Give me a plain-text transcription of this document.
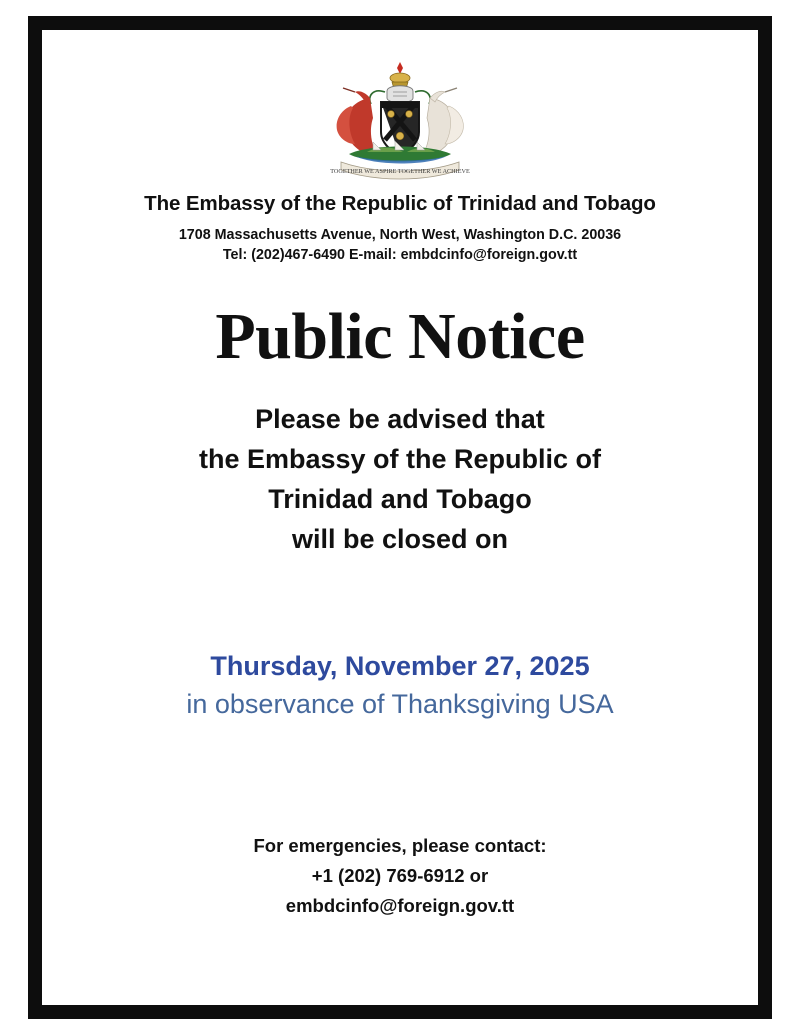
TOGETHER WE ASPIRE TOGETHER WE ACHIEVE
The Embassy of the Republic of Trinidad and Tobago
1708 Massachusetts Avenue, North West, Washington D.C. 20036
Tel: (202)467-6490 E-mail: embdcinfo@foreign.gov.tt
Public Notice
Please be advised that
the Embassy of the Republic of
Trinidad and Tobago
will be closed on
Thursday, November 27, 2025
in observance of Thanksgiving USA
For emergencies, please contact:
+1 (202) 769-6912 or
embdcinfo@foreign.gov.tt
